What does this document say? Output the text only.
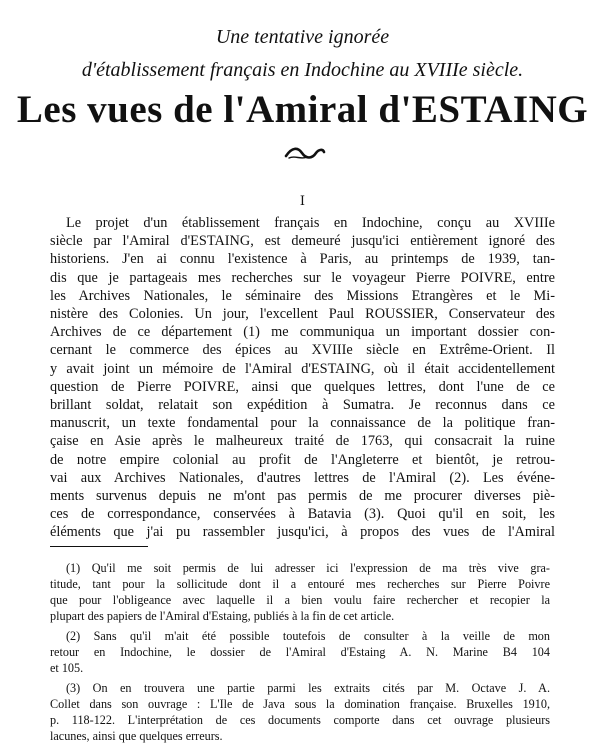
Une tentative ignorée

d'établissement français en Indochine au XVIIIe siècle.

Les vues de l'Amiral d'ESTAING

I

Le projet d'un établissement français en Indochine, conçu au XVIIIe

siècle par l'Amiral d'ESTAING, est demeuré jusqu'ici entièrement ignoré des

historiens. J'en ai connu l'existence à Paris, au printemps de 1939, tan-

dis que je partageais mes recherches sur le voyageur Pierre POIVRE, entre

les Archives Nationales, le séminaire des Missions Etrangères et le Mi-

nistère des Colonies. Un jour, l'excellent Paul ROUSSIER, Conservateur des

Archives de ce département (1) me communiqua un important dossier con-

cernant le commerce des épices au XVIIIe siècle en Extrême-Orient. Il

y avait joint un mémoire de l'Amiral d'ESTAING, où il était accidentellement

question de Pierre POIVRE, ainsi que quelques lettres, dont l'une de ce

brillant soldat, relatait son expédition à Sumatra. Je reconnus dans ce

manuscrit, un texte fondamental pour la connaissance de la politique fran-

çaise en Asie après le malheureux traité de 1763, qui consacrait la ruine

de notre empire colonial au profit de l'Angleterre et bientôt, je retrou-

vai aux Archives Nationales, d'autres lettres de l'Amiral (2). Les événe-

ments survenus depuis ne m'ont pas permis de me procurer diverses piè-

ces de correspondance, conservées à Batavia (3). Quoi qu'il en soit, les

éléments que j'ai pu rassembler jusqu'ici, à propos des vues de l'Amiral

(1) Qu'il me soit permis de lui adresser ici l'expression de ma très vive gra-

titude, tant pour la sollicitude dont il a entouré mes recherches sur Pierre Poivre

que pour l'obligeance avec laquelle il a bien voulu faire rechercher et recopier la

plupart des papiers de l'Amiral d'Estaing, publiés à la fin de cet article.

(2) Sans qu'il m'ait été possible toutefois de consulter à la veille de mon

retour en Indochine, le dossier de l'Amiral d'Estaing A. N. Marine B4 104

et 105.

(3) On en trouvera une partie parmi les extraits cités par M. Octave J. A.

Collet dans son ouvrage : L'Ile de Java sous la domination française. Bruxelles 1910,

p. 118-122. L'interprétation de ces documents comporte dans cet ouvrage plusieurs

lacunes, ainsi que quelques erreurs.
